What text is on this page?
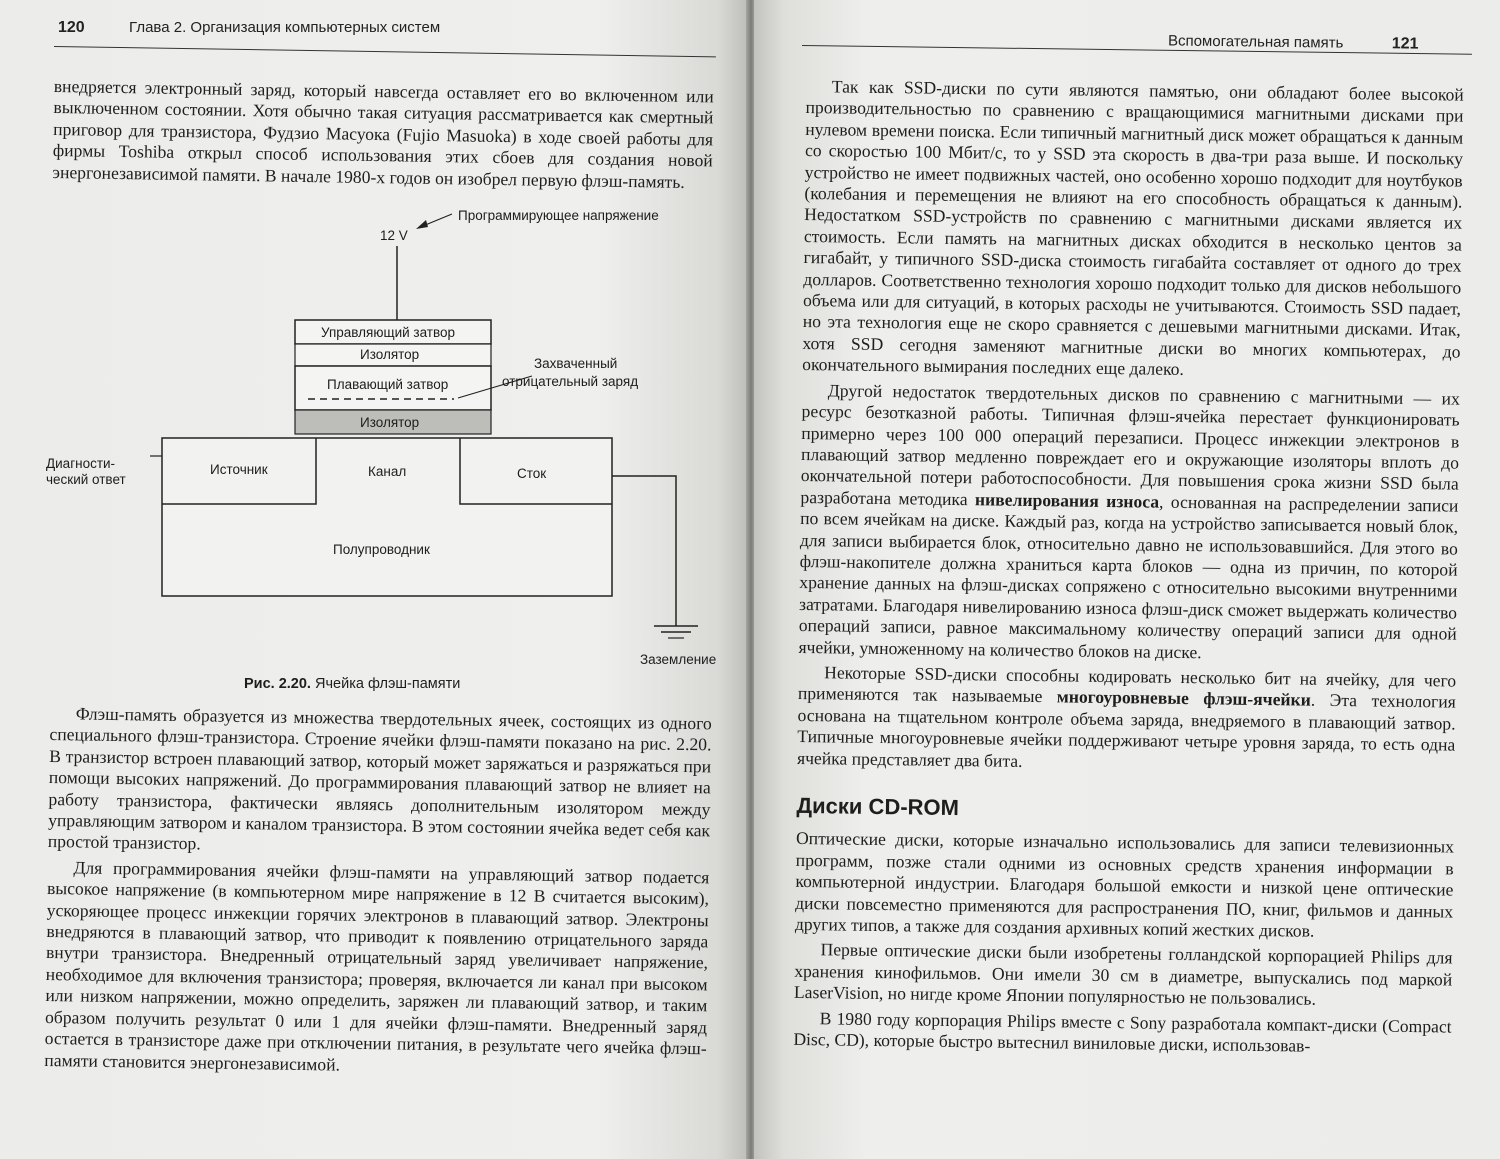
120	Глава 2. Организация компьютерных систем

внедряется электронный заряд, который навсегда оставляет его во включенном или выключенном состоянии. Хотя обычно такая ситуация рассматривается как смертный приговор для транзистора, Фудзио Масуока (Fujio Masuoka) в ходе своей работы для фирмы Toshiba открыл способ использования этих сбоев для создания новой энергонезависимой памяти. В начале 1980-х годов он изобрел первую флэш-память.

Программирующее напряжение
12 V
Управляющий затвор
Изолятор
Плавающий затвор
Захваченный
отрицательный заряд
Изолятор
Источник	Сток
Канал
Полупроводник
Диагности-
ческий ответ
Заземление
Рис. 2.20. Ячейка флэш-памяти

Флэш-память образуется из множества твердотельных ячеек, состоящих из одного специального флэш-транзистора. Строение ячейки флэш-памяти показано на рис. 2.20. В транзистор встроен плавающий затвор, который может заряжаться и разряжаться при помощи высоких напряжений. До программирования плавающий затвор не влияет на работу транзистора, фактически являясь дополнительным изолятором между управляющим затвором и каналом транзистора. В этом состоянии ячейка ведет себя как простой транзистор.

Для программирования ячейки флэш-памяти на управляющий затвор подается высокое напряжение (в компьютерном мире напряжение в 12 В считается высоким), ускоряющее процесс инжекции горячих электронов в плавающий затвор. Электроны внедряются в плавающий затвор, что приводит к появлению отрицательного заряда внутри транзистора. Внедренный отрицательный заряд увеличивает напряжение, необходимое для включения транзистора; проверяя, включается ли канал при высоком или низком напряжении, можно определить, заряжен ли плавающий затвор, и таким образом получить результат 0 или 1 для ячейки флэш-памяти. Внедренный заряд остается в транзисторе даже при отключении питания, в результате чего ячейка флэш-памяти становится энергонезависимой.

Вспомогательная память	121

Так как SSD-диски по сути являются памятью, они обладают более высокой производительностью по сравнению с вращающимися магнитными дисками при нулевом времени поиска. Если типичный магнитный диск может обращаться к данным со скоростью 100 Мбит/с, то у SSD эта скорость в два-три раза выше. И поскольку устройство не имеет подвижных частей, оно особенно хорошо подходит для ноутбуков (колебания и перемещения не влияют на его способность обращаться к данным). Недостатком SSD-устройств по сравнению с магнитными дисками является их стоимость. Если память на магнитных дисках обходится в несколько центов за гигабайт, у типичного SSD-диска стоимость гигабайта составляет от одного до трех долларов. Соответственно технология хорошо подходит только для дисков небольшого объема или для ситуаций, в которых расходы не учитываются. Стоимость SSD падает, но эта технология еще не скоро сравняется с дешевыми магнитными дисками. Итак, хотя SSD сегодня заменяют магнитные диски во многих компьютерах, до окончательного вымирания последних еще далеко.

Другой недостаток твердотельных дисков по сравнению с магнитными — их ресурс безотказной работы. Типичная флэш-ячейка перестает функционировать примерно через 100 000 операций перезаписи. Процесс инжекции электронов в плавающий затвор медленно повреждает его и окружающие изоляторы вплоть до окончательной потери работоспособности. Для повышения срока жизни SSD была разработана методика нивелирования износа, основанная на распределении записи по всем ячейкам на диске. Каждый раз, когда на устройство записывается новый блок, для записи выбирается блок, относительно давно не использовавшийся. Для этого во флэш-накопителе должна храниться карта блоков — одна из причин, по которой хранение данных на флэш-дисках сопряжено с относительно высокими внутренними затратами. Благодаря нивелированию износа флэш-диск сможет выдержать количество операций записи, равное максимальному количеству операций записи для одной ячейки, умноженному на количество блоков на диске.

Некоторые SSD-диски способны кодировать несколько бит на ячейку, для чего применяются так называемые многоуровневые флэш-ячейки. Эта технология основана на тщательном контроле объема заряда, внедряемого в плавающий затвор. Типичные многоуровневые ячейки поддерживают четыре уровня заряда, то есть одна ячейка представляет два бита.

Диски CD-ROM

Оптические диски, которые изначально использовались для записи телевизионных программ, позже стали одними из основных средств хранения информации в компьютерной индустрии. Благодаря большой емкости и низкой цене оптические диски повсеместно применяются для распространения ПО, книг, фильмов и данных других типов, а также для создания архивных копий жестких дисков.

Первые оптические диски были изобретены голландской корпорацией Philips для хранения кинофильмов. Они имели 30 см в диаметре, выпускались под маркой LaserVision, но нигде кроме Японии популярностью не пользовались.

В 1980 году корпорация Philips вместе с Sony разработала компакт-диски (Compact Disc, CD), которые быстро вытеснил виниловые диски, использовав-
